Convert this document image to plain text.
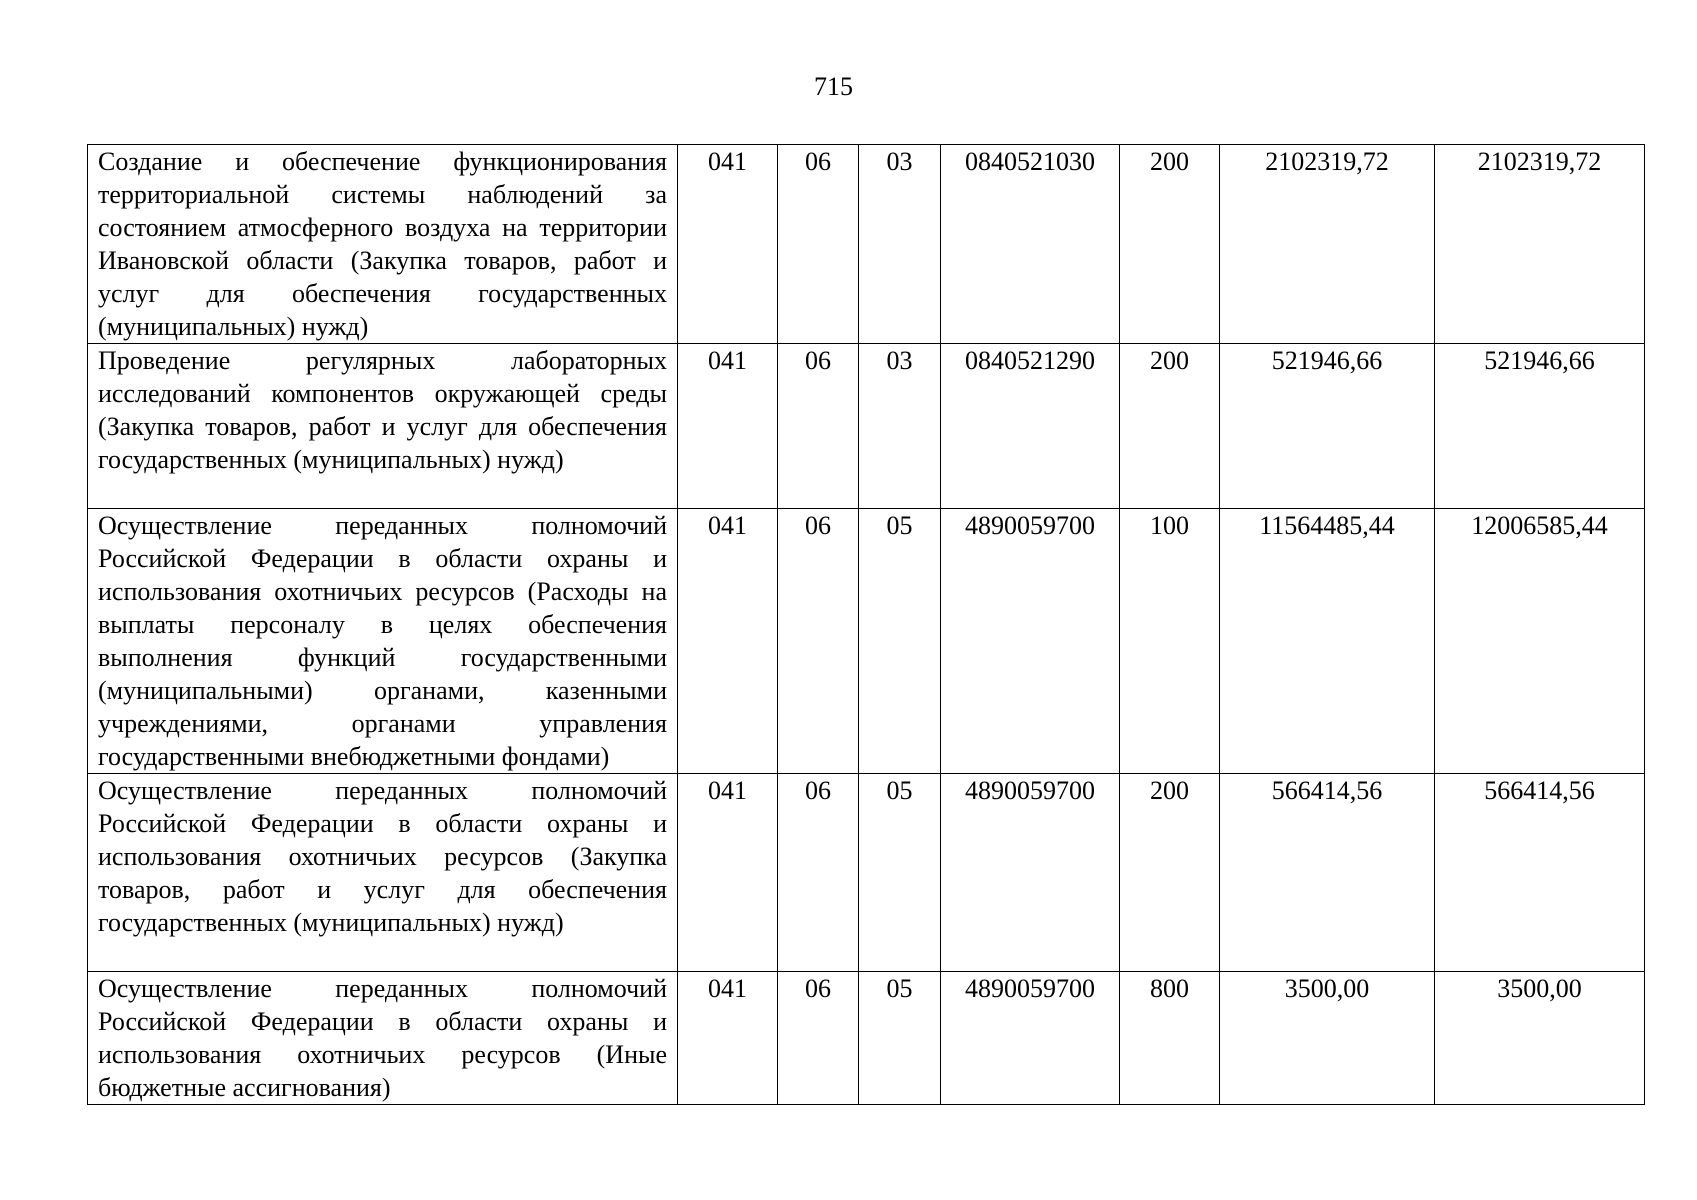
715
Создание и обеспечение функционирования территориальной системы наблюдений за состоянием атмосферного воздуха на территории Ивановской области (Закупка товаров, работ и услуг для обеспечения государственных (муниципальных) нужд)	041	06	03	0840521030	200	2102319,72	2102319,72
Проведение регулярных лабораторных исследований компонентов окружающей среды (Закупка товаров, работ и услуг для обеспечения государственных (муниципальных) нужд)	041	06	03	0840521290	200	521946,66	521946,66
Осуществление переданных полномочий Российской Федерации в области охраны и использования охотничьих ресурсов (Расходы на выплаты персоналу в целях обеспечения выполнения функций государственными (муниципальными) органами, казенными учреждениями, органами управления государственными внебюджетными фондами)	041	06	05	4890059700	100	11564485,44	12006585,44
Осуществление переданных полномочий Российской Федерации в области охраны и использования охотничьих ресурсов (Закупка товаров, работ и услуг для обеспечения государственных (муниципальных) нужд)	041	06	05	4890059700	200	566414,56	566414,56
Осуществление переданных полномочий Российской Федерации в области охраны и использования охотничьих ресурсов (Иные бюджетные ассигнования)	041	06	05	4890059700	800	3500,00	3500,00
